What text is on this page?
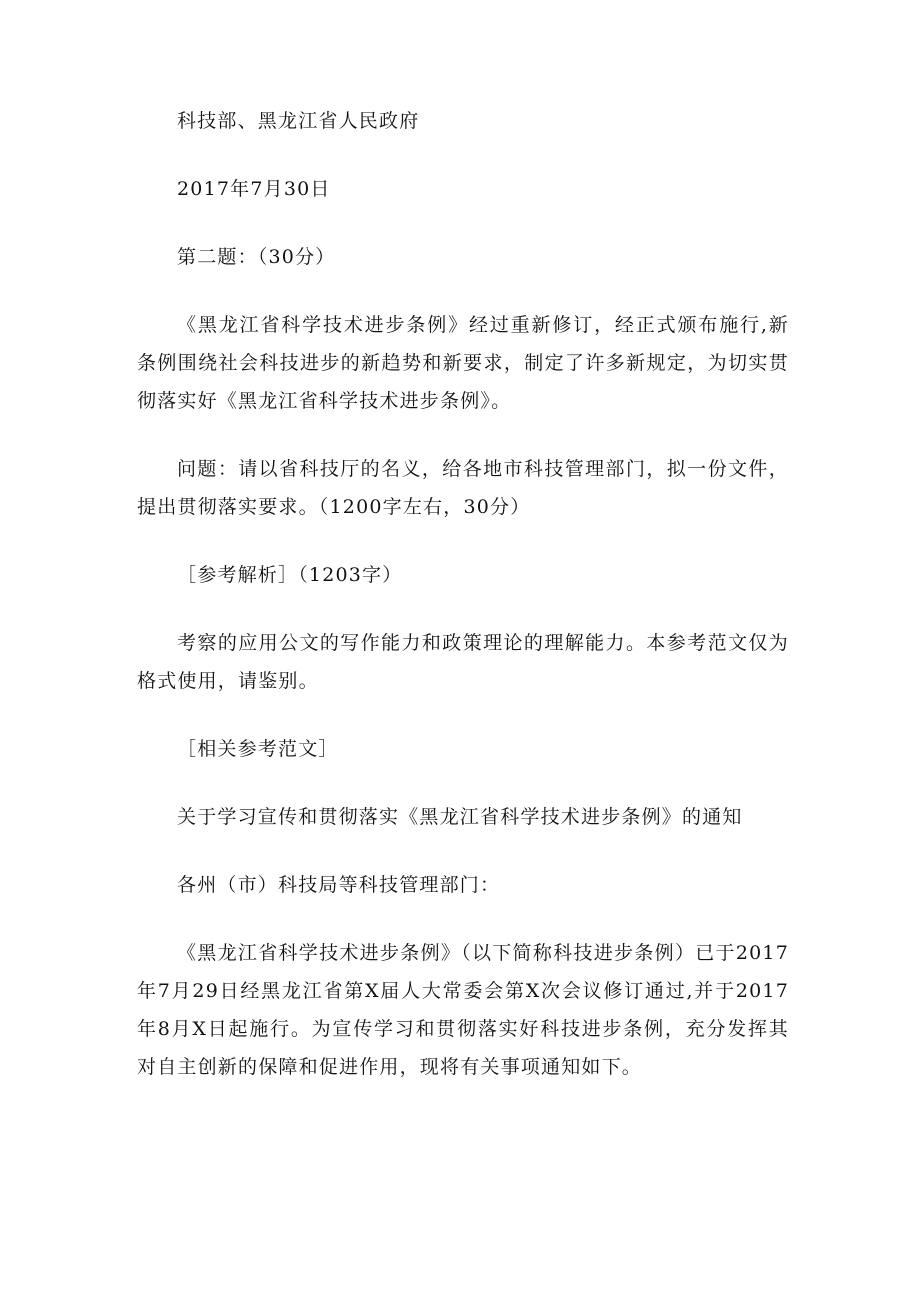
科技部、黑龙江省人民政府

2017年7月30日

第二题：（30分）

《黑龙江省科学技术进步条例》经过重新修订，经正式颁布施行,新条例围绕社会科技进步的新趋势和新要求，制定了许多新规定，为切实贯彻落实好《黑龙江省科学技术进步条例》。

问题：请以省科技厅的名义，给各地市科技管理部门，拟一份文件，提出贯彻落实要求。（1200字左右，30分）

［参考解析］（1203字）

考察的应用公文的写作能力和政策理论的理解能力。本参考范文仅为格式使用，请鉴别。

［相关参考范文］

关于学习宣传和贯彻落实《黑龙江省科学技术进步条例》的通知

各州（市）科技局等科技管理部门：

《黑龙江省科学技术进步条例》（以下简称科技进步条例）已于2017年7月29日经黑龙江省第X届人大常委会第X次会议修订通过,并于2017年8月X日起施行。为宣传学习和贯彻落实好科技进步条例，充分发挥其对自主创新的保障和促进作用，现将有关事项通知如下。
